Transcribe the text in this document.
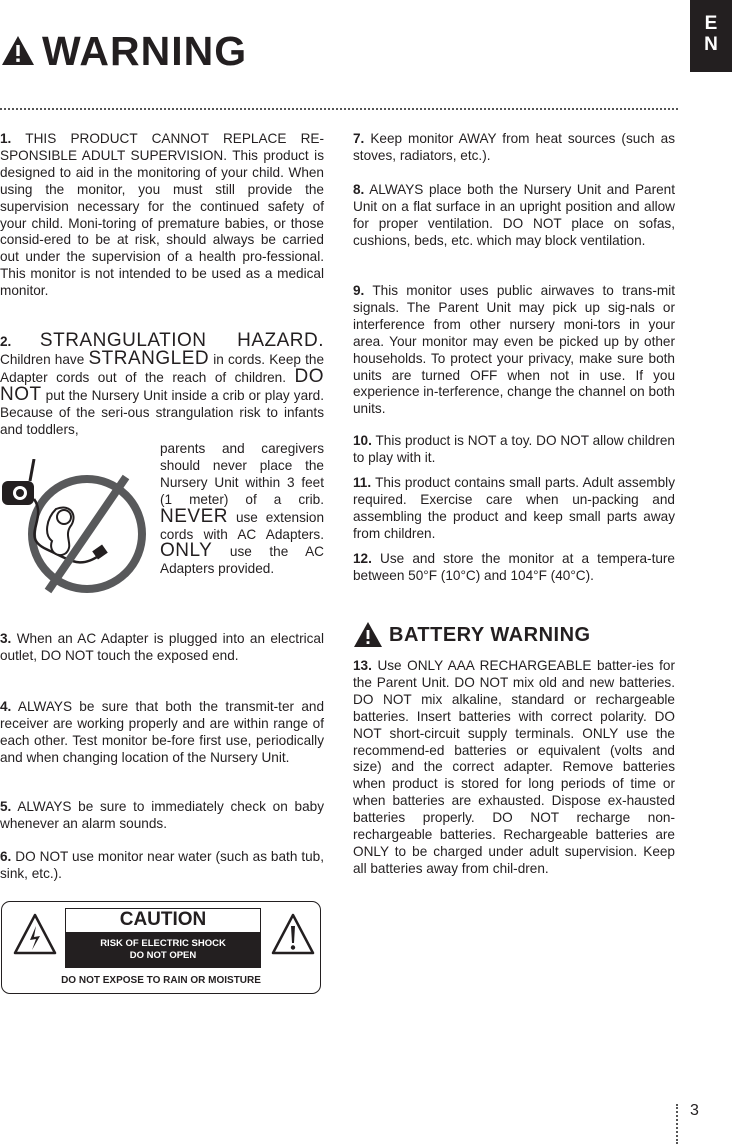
E
N
WARNING

1. THIS PRODUCT CANNOT REPLACE RE-SPONSIBLE ADULT SUPERVISION. This product is designed to aid in the monitoring of your child. When using the monitor, you must still provide the supervision necessary for the continued safety of your child. Moni-toring of premature babies, or those consid-ered to be at risk, should always be carried out under the supervision of a health pro-fessional. This monitor is not intended to be used as a medical monitor.

2. STRANGULATION HAZARD. Children have STRANGLED in cords. Keep the Adapter cords out of the reach of children. DO NOT put the Nursery Unit inside a crib or play yard. Because of the seri-ous strangulation risk to infants and toddlers,

parents and caregivers should never place the Nursery Unit within 3 feet (1 meter) of a crib. NEVER use extension cords with AC Adapters. ONLY use the AC Adapters provided.

3. When an AC Adapter is plugged into an electrical outlet, DO NOT touch the exposed end.

4. ALWAYS be sure that both the transmit-ter and receiver are working properly and are within range of each other. Test monitor be-fore first use, periodically and when changing location of the Nursery Unit.

5. ALWAYS be sure to immediately check on baby whenever an alarm sounds.

6. DO NOT use monitor near water (such as bath tub, sink, etc.).

7. Keep monitor AWAY from heat sources (such as stoves, radiators, etc.).

8. ALWAYS place both the Nursery Unit and Parent Unit on a flat surface in an upright position and allow for proper ventilation. DO NOT place on sofas, cushions, beds, etc. which may block ventilation.

9. This monitor uses public airwaves to trans-mit signals. The Parent Unit may pick up sig-nals or interference from other nursery moni-tors in your area. Your monitor may even be picked up by other households. To protect your privacy, make sure both units are turned OFF when not in use. If you experience in-terference, change the channel on both units.

10. This product is NOT a toy. DO NOT allow children to play with it.

11. This product contains small parts. Adult assembly required. Exercise care when un-packing and assembling the product and keep small parts away from children.

12. Use and store the monitor at a tempera-ture between 50°F (10°C) and 104°F (40°C).

BATTERY WARNING

13. Use ONLY AAA RECHARGEABLE batter-ies for the Parent Unit. DO NOT mix old and new batteries. DO NOT mix alkaline, standard or rechargeable batteries. Insert batteries with correct polarity. DO NOT short-circuit supply terminals. ONLY use the recommend-ed batteries or equivalent (volts and size) and the correct adapter. Remove batteries when product is stored for long periods of time or when batteries are exhausted. Dispose ex-hausted batteries properly. DO NOT recharge non-rechargeable batteries. Rechargeable batteries are ONLY to be charged under adult supervision. Keep all batteries away from chil-dren.

CAUTION
RISK OF ELECTRIC SHOCK
DO NOT OPEN
DO NOT EXPOSE TO RAIN OR MOISTURE
3
